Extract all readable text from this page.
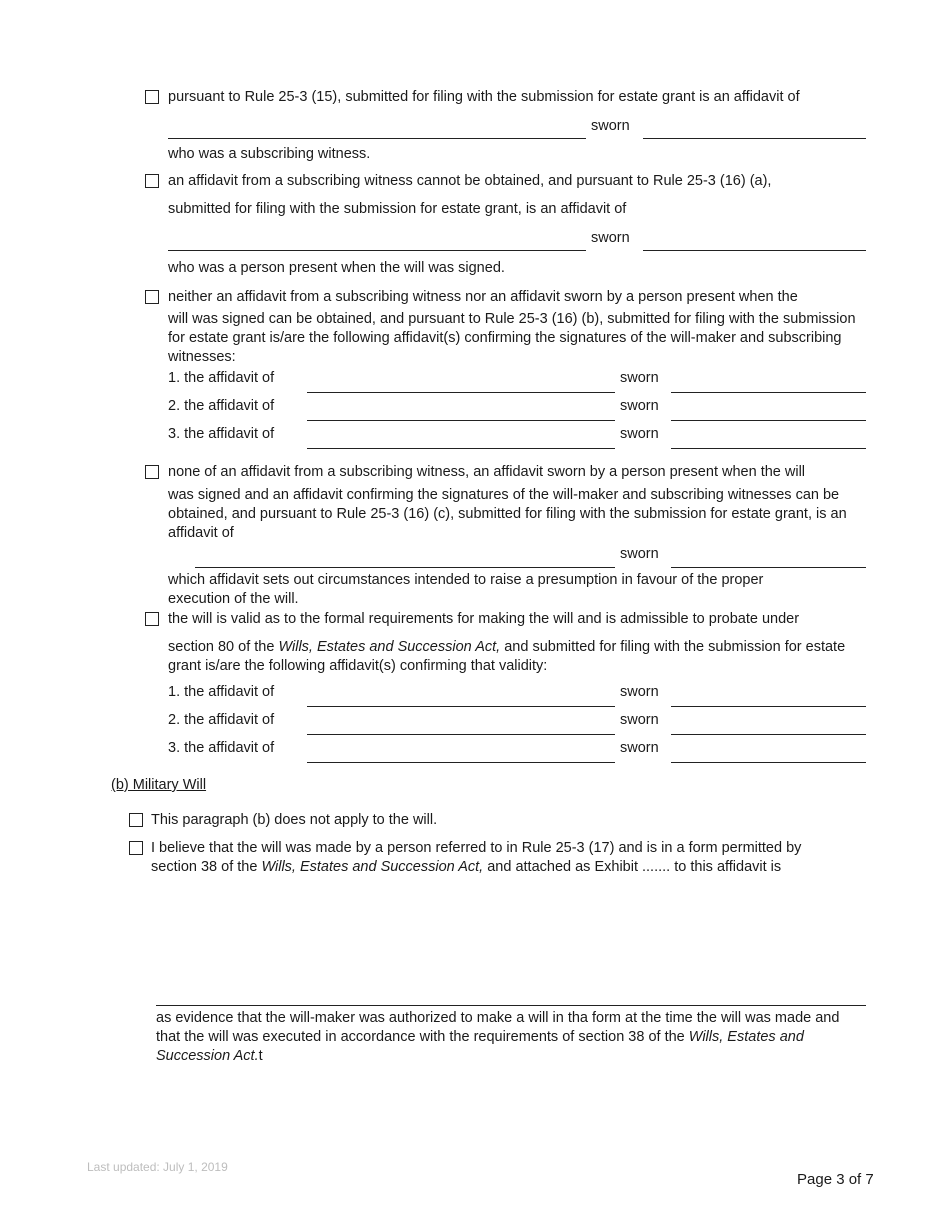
pursuant to Rule 25-3 (15), submitted for filing with the submission for estate grant is an affidavit of
sworn
who was a subscribing witness.
an affidavit from a subscribing witness cannot be obtained, and pursuant to Rule 25-3 (16) (a),
submitted for filing with the submission for estate grant, is an affidavit of
sworn
who was a person present when the will was signed.
neither an affidavit from a subscribing witness nor an affidavit sworn by a person present when the
will was signed can be obtained, and pursuant to Rule 25-3 (16) (b), submitted for filing with the submission for estate grant is/are the following affidavit(s) confirming the signatures of the will-maker and subscribing witnesses:
1. the affidavit of	sworn
2. the affidavit of	sworn
3. the affidavit of	sworn
none of an affidavit from a subscribing witness, an affidavit sworn by a person present when the will
was signed and an affidavit confirming the signatures of the will-maker and subscribing witnesses can be obtained, and pursuant to Rule 25-3 (16) (c), submitted for filing with the submission for estate grant, is an affidavit of
sworn
which affidavit sets out circumstances intended to raise a presumption in favour of the proper execution of the will.
the will is valid as to the formal requirements for making the will and is admissible to probate under
section 80 of the Wills, Estates and Succession Act, and submitted for filing with the submission for estate grant is/are the following affidavit(s) confirming that validity:
1. the affidavit of	sworn
2. the affidavit of	sworn
3. the affidavit of	sworn
(b) Military Will
This paragraph (b) does not apply to the will.
I believe that the will was made by a person referred to in Rule 25-3 (17) and is in a form permitted by
section 38 of the Wills, Estates and Succession Act, and attached as Exhibit ....... to this affidavit is
as evidence that the will-maker was authorized to make a will in tha form at the time the will was made and that the will was executed in accordance with the requirements of section 38 of the Wills, Estates and Succession Act.t
Last updated: July 1, 2019
Page 3 of 7
